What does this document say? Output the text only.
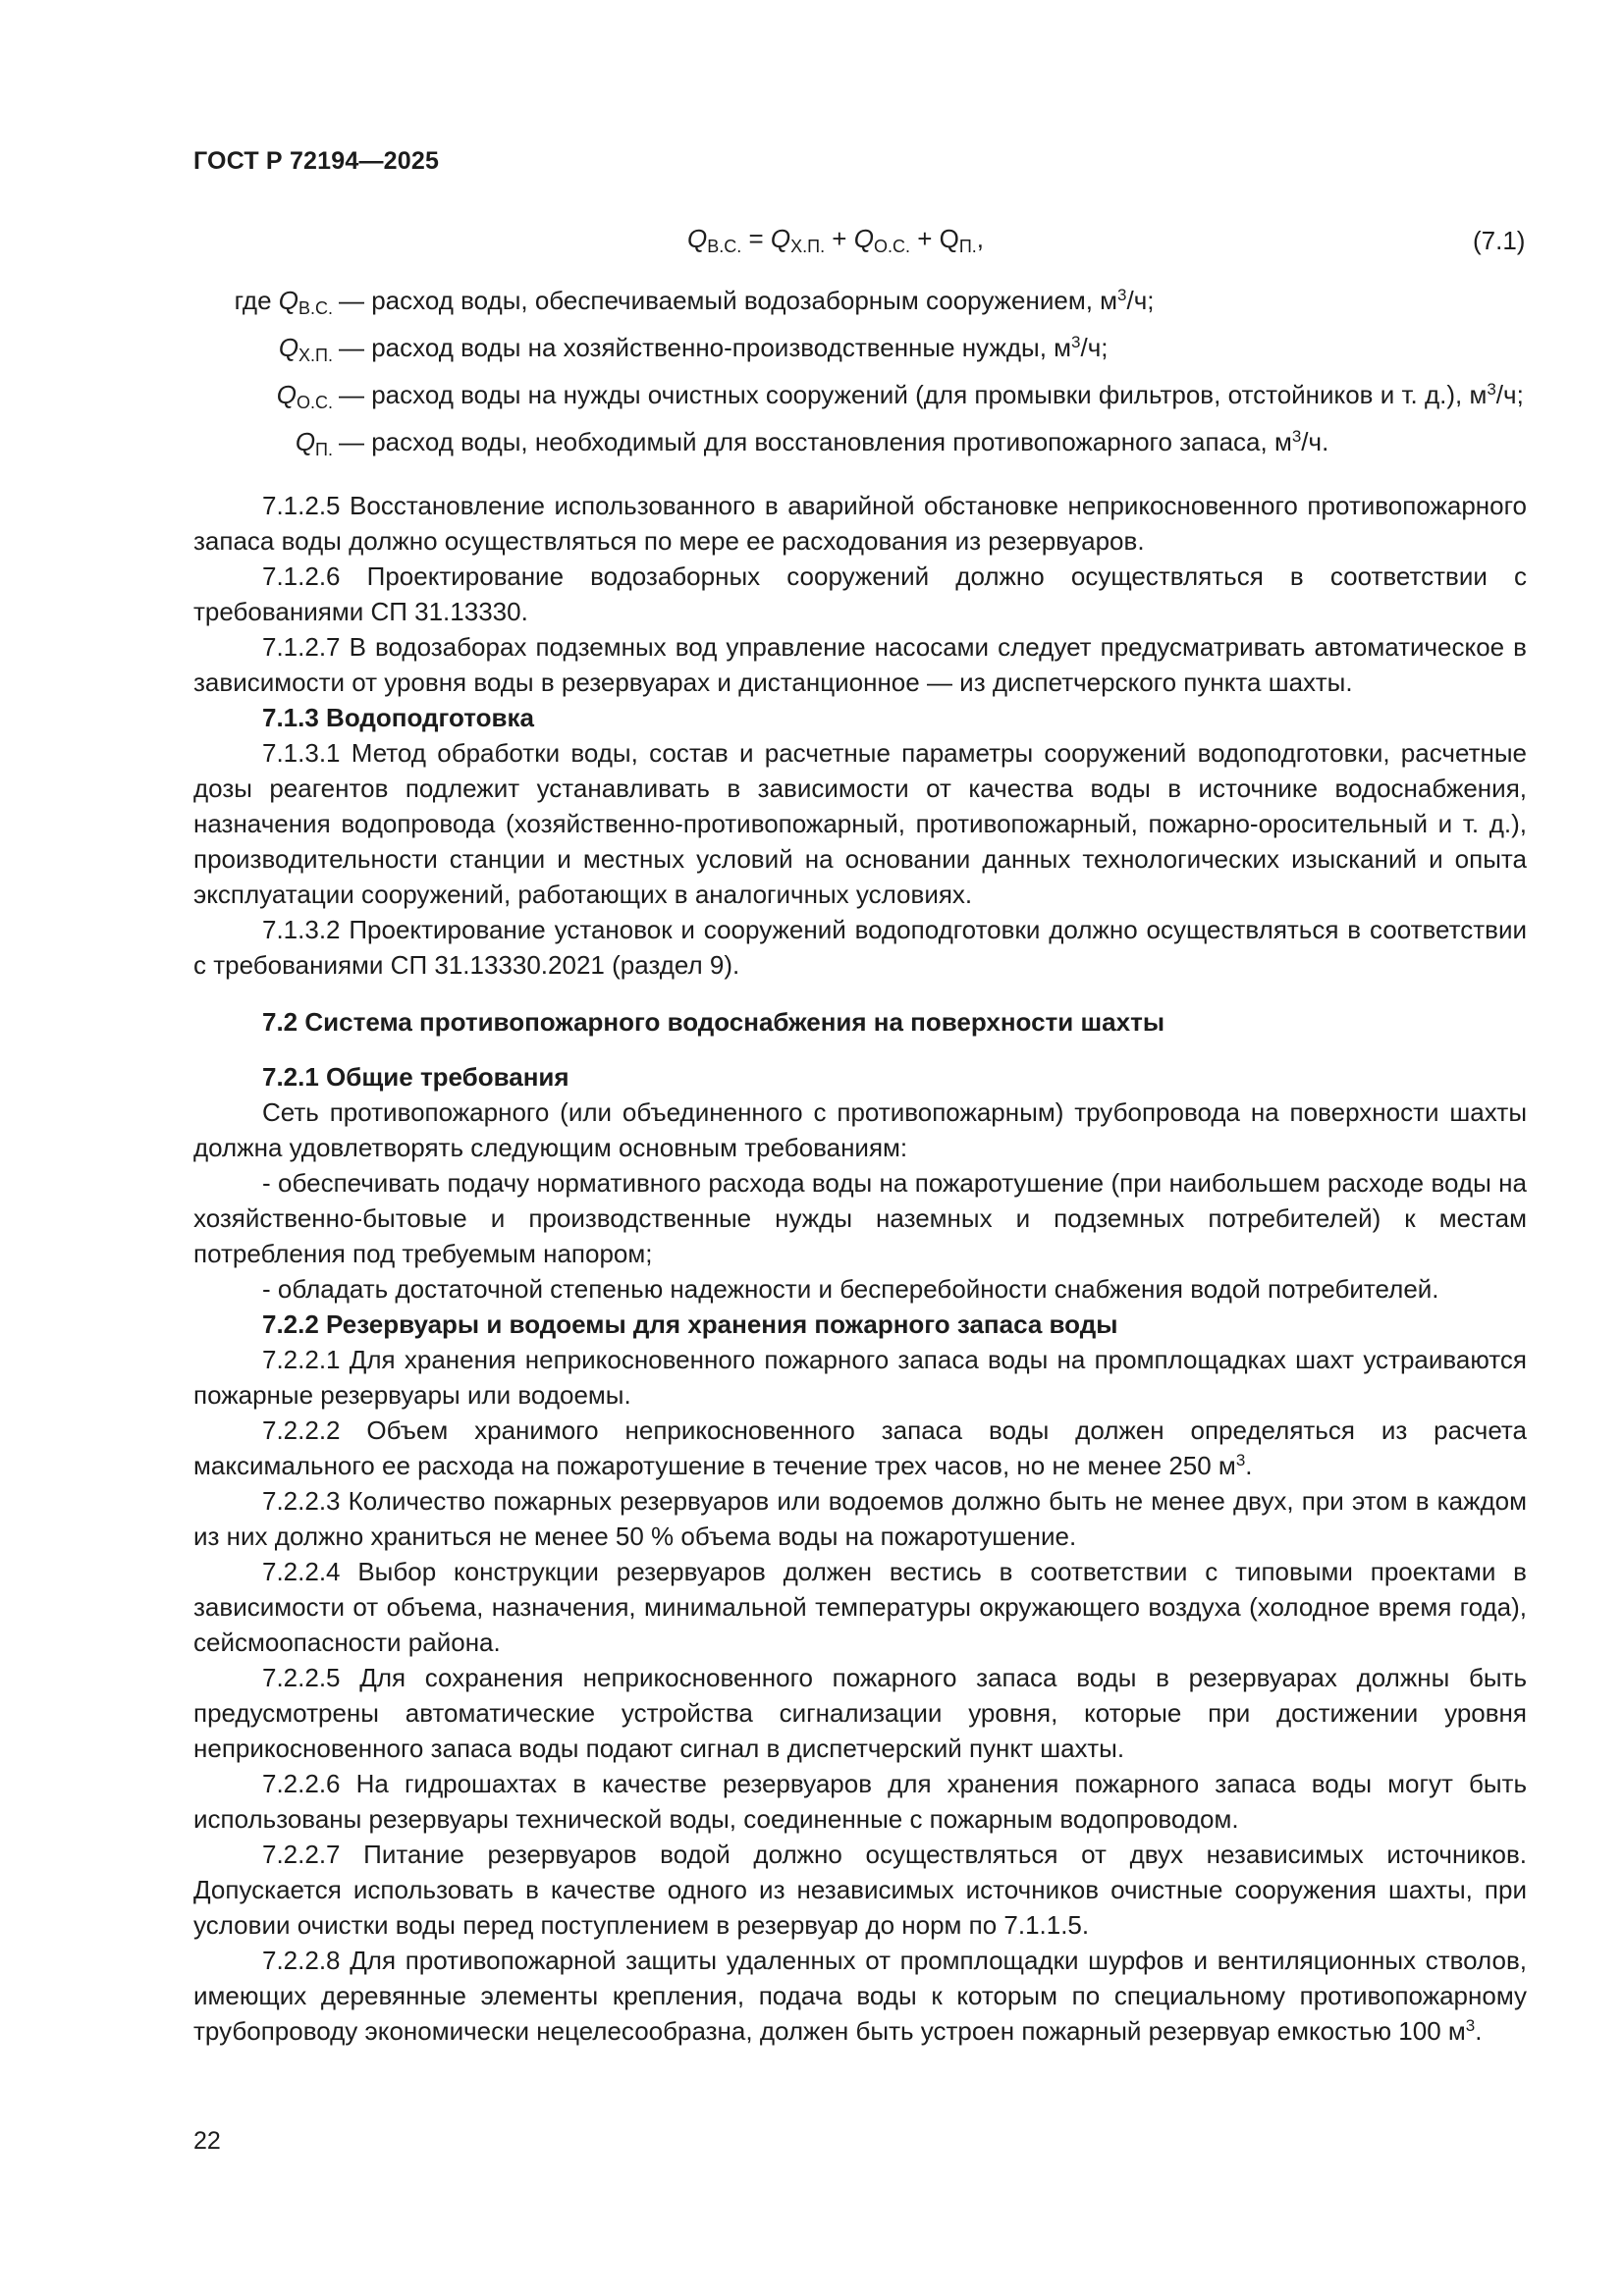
ГОСТ Р 72194—2025
$Q_{В.С.} = Q_{Х.П.} + Q_{О.С.} + Q_{П.}$,	(7.1)
где $Q_{В.С.}$ — расход воды, обеспечиваемый водозаборным сооружением, $м^3/ч$;
$Q_{Х.П.}$ — расход воды на хозяйственно-производственные нужды, $м^3/ч$;
$Q_{О.С.}$ — расход воды на нужды очистных сооружений (для промывки фильтров, отстойников и т. д.), $м^3/ч$;
$Q_{П.}$ — расход воды, необходимый для восстановления противопожарного запаса, $м^3/ч$.

7.1.2.5 Восстановление использованного в аварийной обстановке неприкосновенного противопожарного запаса воды должно осуществляться по мере ее расходования из резервуаров.

7.1.2.6 Проектирование водозаборных сооружений должно осуществляться в соответствии с требованиями СП 31.13330.

7.1.2.7 В водозаборах подземных вод управление насосами следует предусматривать автоматическое в зависимости от уровня воды в резервуарах и дистанционное — из диспетчерского пункта шахты.

7.1.3 Водоподготовка

7.1.3.1 Метод обработки воды, состав и расчетные параметры сооружений водоподготовки, расчетные дозы реагентов подлежит устанавливать в зависимости от качества воды в источнике водоснабжения, назначения водопровода (хозяйственно-противопожарный, противопожарный, пожарно-оросительный и т. д.), производительности станции и местных условий на основании данных технологических изысканий и опыта эксплуатации сооружений, работающих в аналогичных условиях.

7.1.3.2 Проектирование установок и сооружений водоподготовки должно осуществляться в соответствии с требованиями СП 31.13330.2021 (раздел 9).

7.2 Система противопожарного водоснабжения на поверхности шахты
7.2.1 Общие требования

Сеть противопожарного (или объединенного с противопожарным) трубопровода на поверхности шахты должна удовлетворять следующим основным требованиям:

- обеспечивать подачу нормативного расхода воды на пожаротушение (при наибольшем расходе воды на хозяйственно-бытовые и производственные нужды наземных и подземных потребителей) к местам потребления под требуемым напором;

- обладать достаточной степенью надежности и бесперебойности снабжения водой потребителей.

7.2.2 Резервуары и водоемы для хранения пожарного запаса воды

7.2.2.1 Для хранения неприкосновенного пожарного запаса воды на промплощадках шахт устраиваются пожарные резервуары или водоемы.

7.2.2.2 Объем хранимого неприкосновенного запаса воды должен определяться из расчета максимального ее расхода на пожаротушение в течение трех часов, но не менее 250 $м^3$.

7.2.2.3 Количество пожарных резервуаров или водоемов должно быть не менее двух, при этом в каждом из них должно храниться не менее 50 % объема воды на пожаротушение.

7.2.2.4 Выбор конструкции резервуаров должен вестись в соответствии с типовыми проектами в зависимости от объема, назначения, минимальной температуры окружающего воздуха (холодное время года), сейсмоопасности района.

7.2.2.5 Для сохранения неприкосновенного пожарного запаса воды в резервуарах должны быть предусмотрены автоматические устройства сигнализации уровня, которые при достижении уровня неприкосновенного запаса воды подают сигнал в диспетчерский пункт шахты.

7.2.2.6 На гидрошахтах в качестве резервуаров для хранения пожарного запаса воды могут быть использованы резервуары технической воды, соединенные с пожарным водопроводом.

7.2.2.7 Питание резервуаров водой должно осуществляться от двух независимых источников. Допускается использовать в качестве одного из независимых источников очистные сооружения шахты, при условии очистки воды перед поступлением в резервуар до норм по 7.1.1.5.

7.2.2.8 Для противопожарной защиты удаленных от промплощадки шурфов и вентиляционных стволов, имеющих деревянные элементы крепления, подача воды к которым по специальному противопожарному трубопроводу экономически нецелесообразна, должен быть устроен пожарный резервуар емкостью 100 $м^3$.

22
